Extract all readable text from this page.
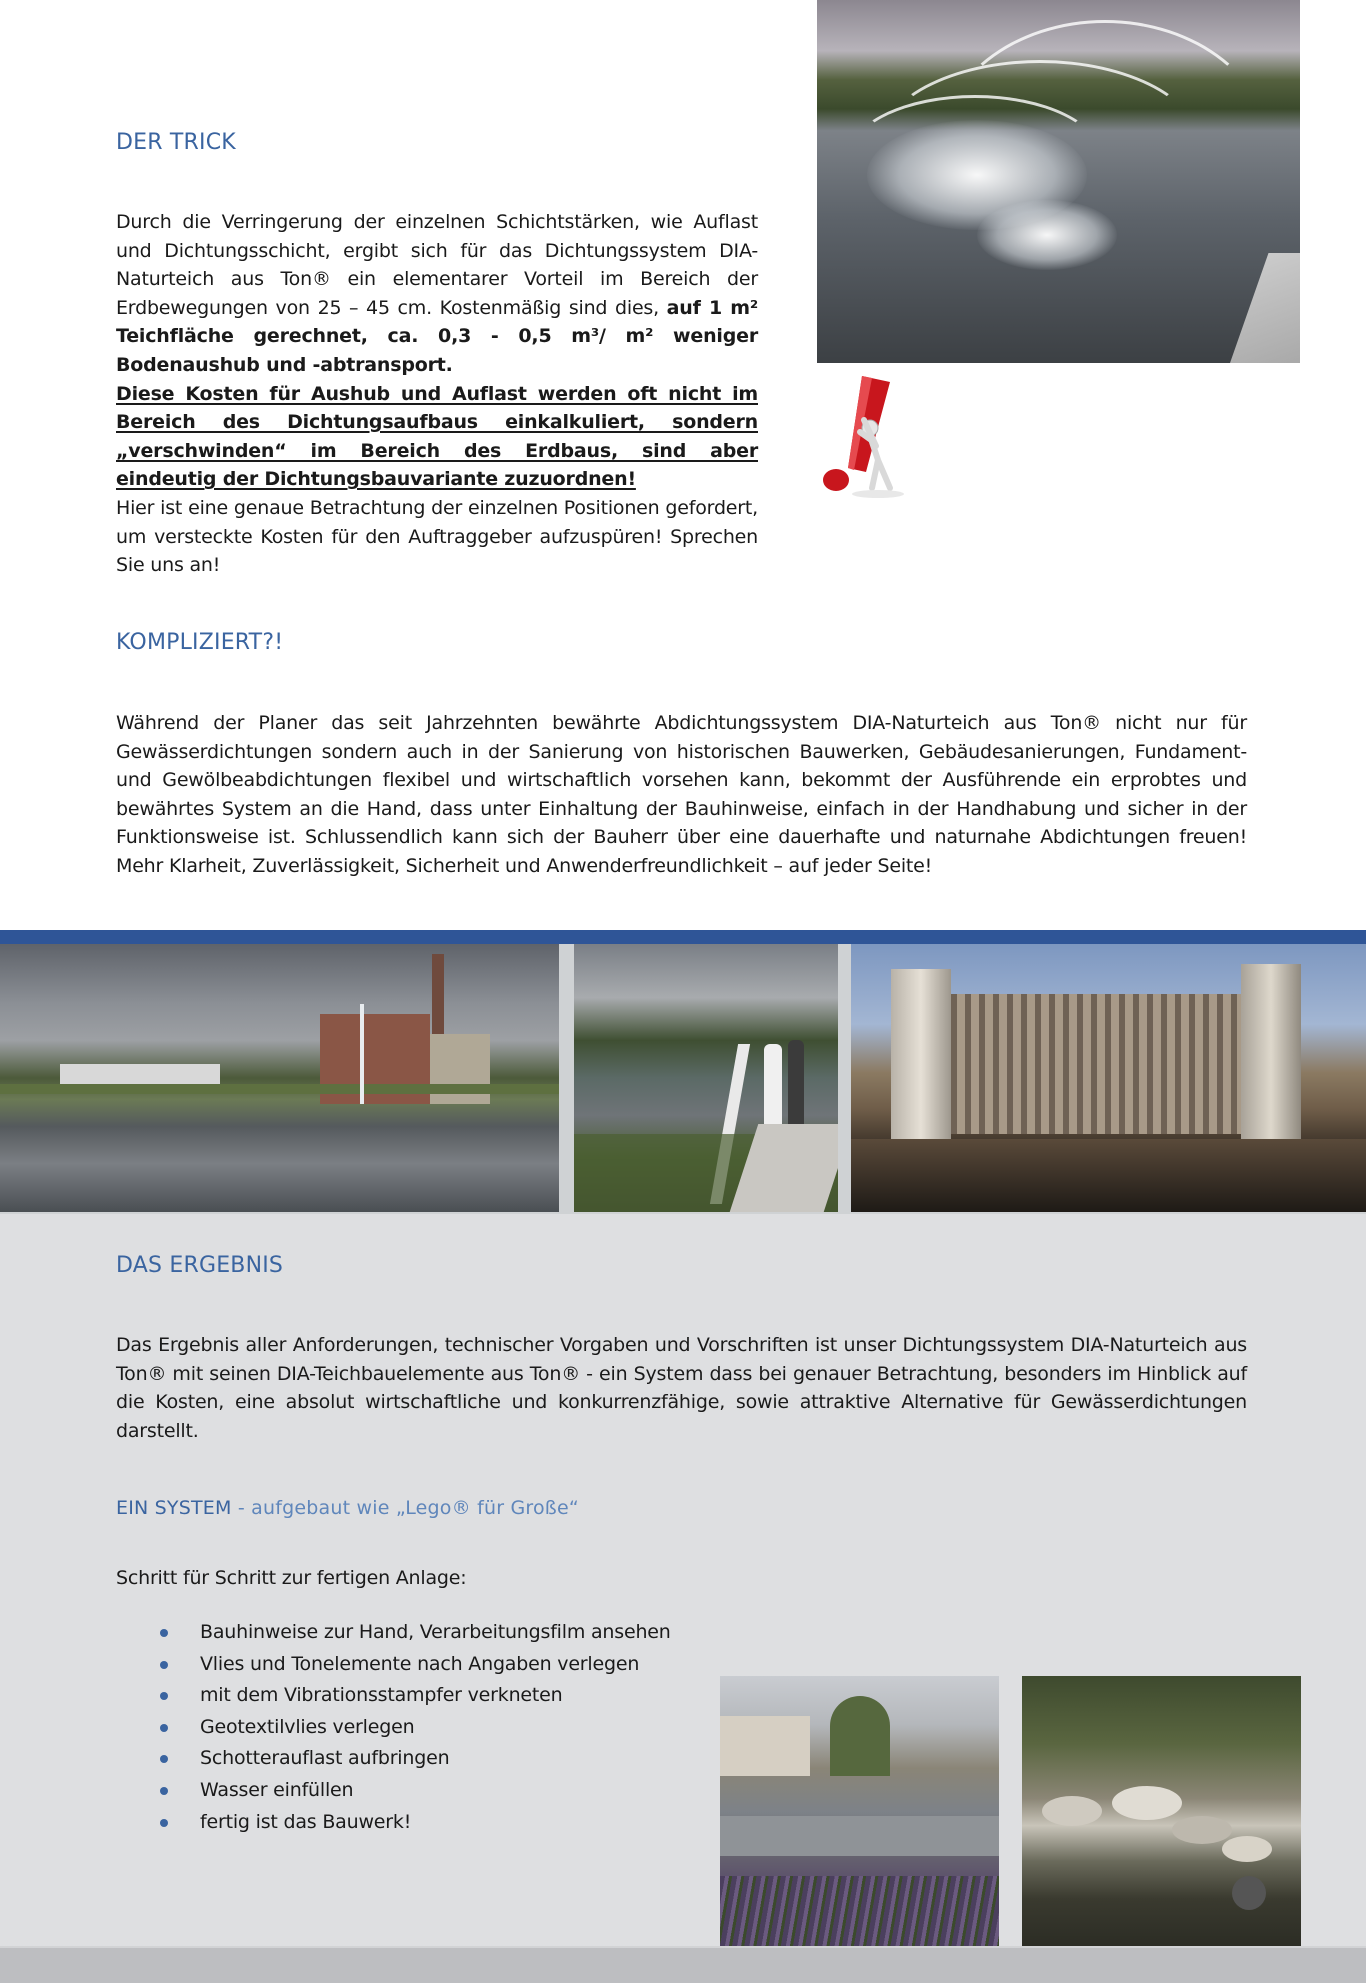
DER TRICK
Durch die Verringerung der einzelnen Schichtstärken, wie Auflast und Dichtungsschicht, ergibt sich für das Dichtungssystem DIA-Naturteich aus Ton® ein elementarer Vorteil im Bereich der Erdbewegungen von 25 – 45 cm. Kostenmäßig sind dies, auf 1 m² Teichfläche gerechnet, ca. 0,3 - 0,5 m³/ m² weniger Bodenaushub und -abtransport.
Diese Kosten für Aushub und Auflast werden oft nicht im Bereich des Dichtungsaufbaus einkalkuliert, sondern „verschwinden“ im Bereich des Erdbaus, sind aber eindeutig der Dichtungsbauvariante zuzuordnen!
Hier ist eine genaue Betrachtung der einzelnen Positionen gefordert, um versteckte Kosten für den Auftraggeber aufzuspüren! Sprechen Sie uns an!
KOMPLIZIERT?!

Während der Planer das seit Jahrzehnten bewährte Abdichtungssystem DIA-Naturteich aus Ton® nicht nur für Gewässerdichtungen sondern auch in der Sanierung von historischen Bauwerken, Gebäudesanierungen, Fundament- und Gewölbeabdichtungen flexibel und wirtschaftlich vorsehen kann, bekommt der Ausführende ein erprobtes und bewährtes System an die Hand, dass unter Einhaltung der Bauhinweise, einfach in der Handhabung und sicher in der Funktionsweise ist. Schlussendlich kann sich der Bauherr über eine dauerhafte und naturnahe Abdichtungen freuen! Mehr Klarheit, Zuverlässigkeit, Sicherheit und Anwenderfreundlichkeit – auf jeder Seite!

DAS ERGEBNIS

Das Ergebnis aller Anforderungen, technischer Vorgaben und Vorschriften ist unser Dichtungssystem DIA-Naturteich aus Ton® mit seinen DIA-Teichbauelemente aus Ton® - ein System dass bei genauer Betrachtung, besonders im Hinblick auf die Kosten, eine absolut wirtschaftliche und konkurrenzfähige, sowie attraktive Alternative für Gewässerdichtungen darstellt.

EIN SYSTEM - aufgebaut wie „Lego® für Große“

Schritt für Schritt zur fertigen Anlage:

Bauhinweise zur Hand, Verarbeitungsfilm ansehen
Vlies und Tonelemente nach Angaben verlegen
mit dem Vibrationsstampfer verkneten
Geotextilvlies verlegen
Schotterauflast aufbringen
Wasser einfüllen
fertig ist das Bauwerk!
